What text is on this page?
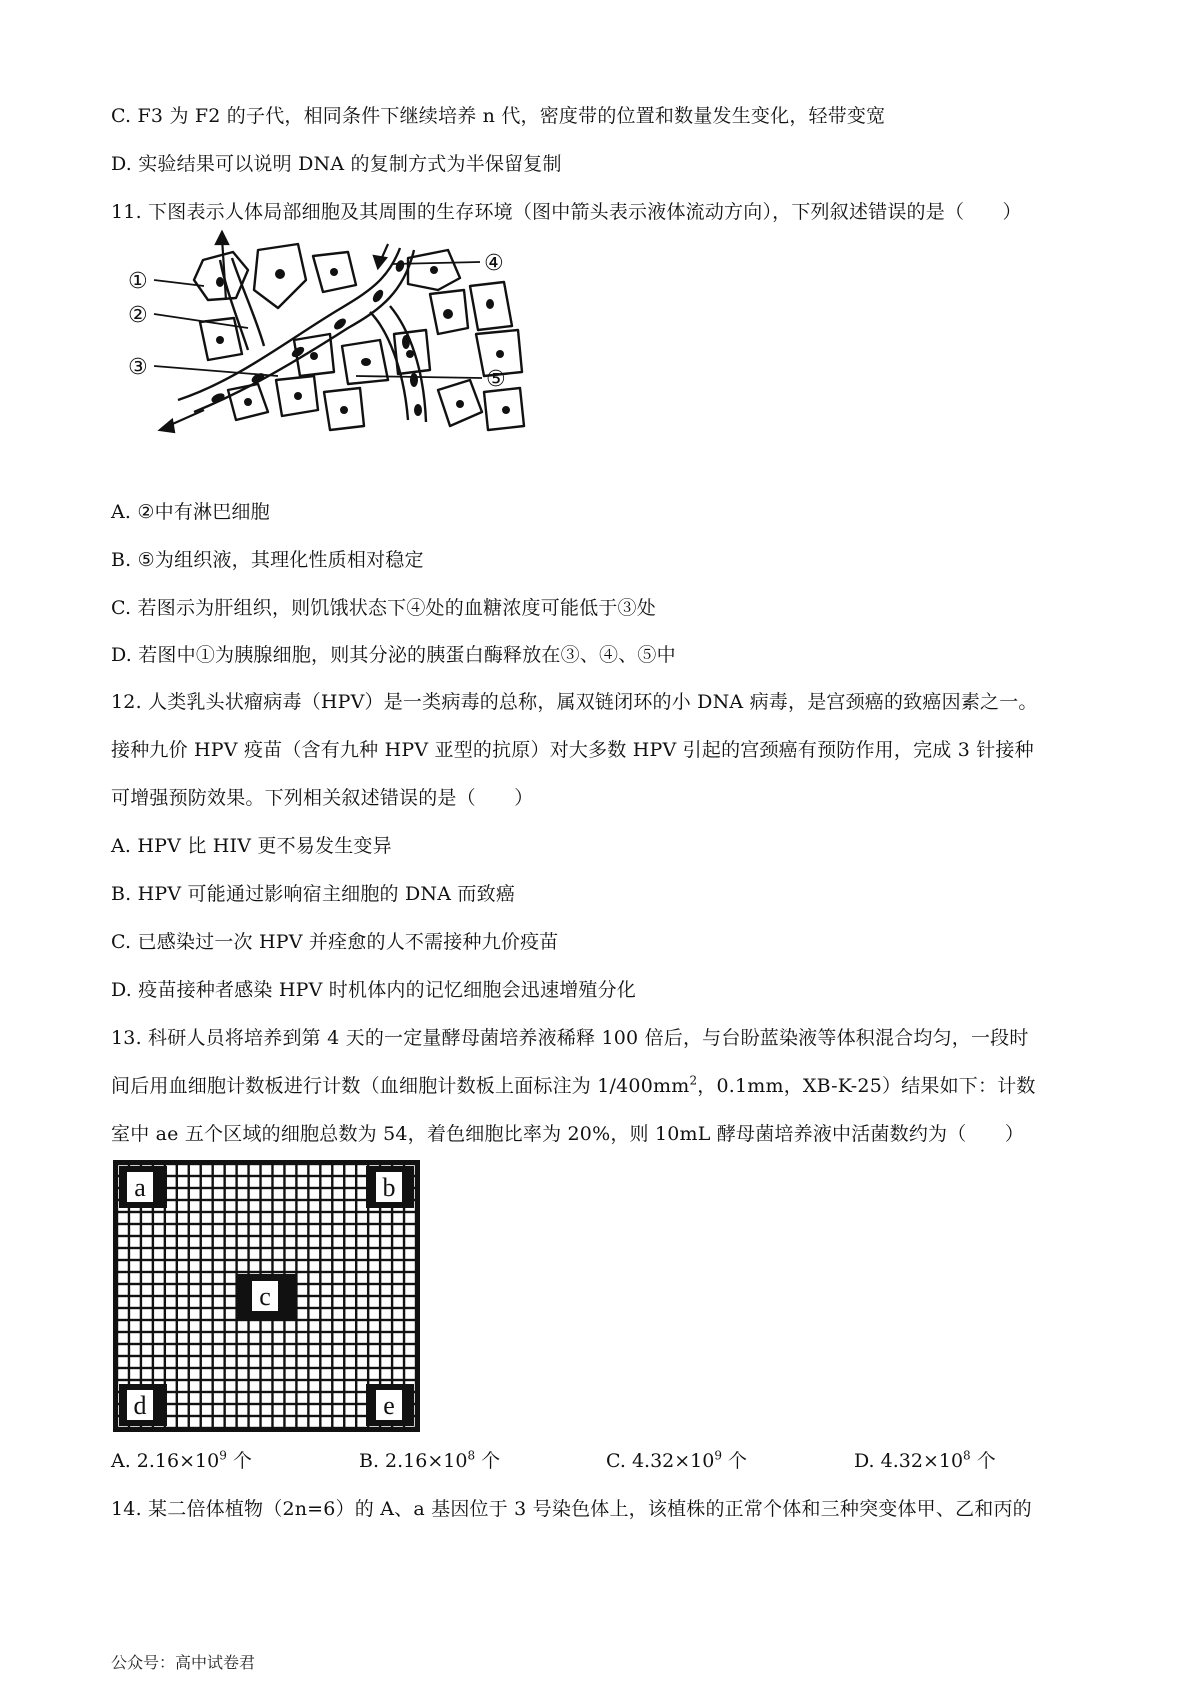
C. F3 为 F2 的子代，相同条件下继续培养 n 代，密度带的位置和数量发生变化，轻带变宽
D. 实验结果可以说明 DNA 的复制方式为半保留复制
11. 下图表示人体局部细胞及其周围的生存环境（图中箭头表示液体流动方向），下列叙述错误的是（　　）
①
②
③
④
⑤
A. ②中有淋巴细胞
B. ⑤为组织液，其理化性质相对稳定
C. 若图示为肝组织，则饥饿状态下④处的血糖浓度可能低于③处
D. 若图中①为胰腺细胞，则其分泌的胰蛋白酶释放在③、④、⑤中
12. 人类乳头状瘤病毒（HPV）是一类病毒的总称，属双链闭环的小 DNA 病毒，是宫颈癌的致癌因素之一。
接种九价 HPV 疫苗（含有九种 HPV 亚型的抗原）对大多数 HPV 引起的宫颈癌有预防作用，完成 3 针接种
可增强预防效果。下列相关叙述错误的是（　　）
A. HPV 比 HIV 更不易发生变异
B. HPV 可能通过影响宿主细胞的 DNA 而致癌
C. 已感染过一次 HPV 并痊愈的人不需接种九价疫苗
D. 疫苗接种者感染 HPV 时机体内的记忆细胞会迅速增殖分化
13. 科研人员将培养到第 4 天的一定量酵母菌培养液稀释 100 倍后，与台盼蓝染液等体积混合均匀，一段时
间后用血细胞计数板进行计数（血细胞计数板上面标注为 $1/400mm^2$，0.1mm，XB-K-25）结果如下：计数
室中 ae 五个区域的细胞总数为 54，着色细胞比率为 20%，则 10mL 酵母菌培养液中活菌数约为（　　）
a	b
c
d	e
A. $2.16\times 10^9$ 个	B. $2.16\times 10^8$ 个	C. $4.32\times 10^9$ 个	D. $4.32\times 10^8$ 个
14. 某二倍体植物（2n=6）的 A、a 基因位于 3 号染色体上，该植株的正常个体和三种突变体甲、乙和丙的
公众号：高中试卷君
